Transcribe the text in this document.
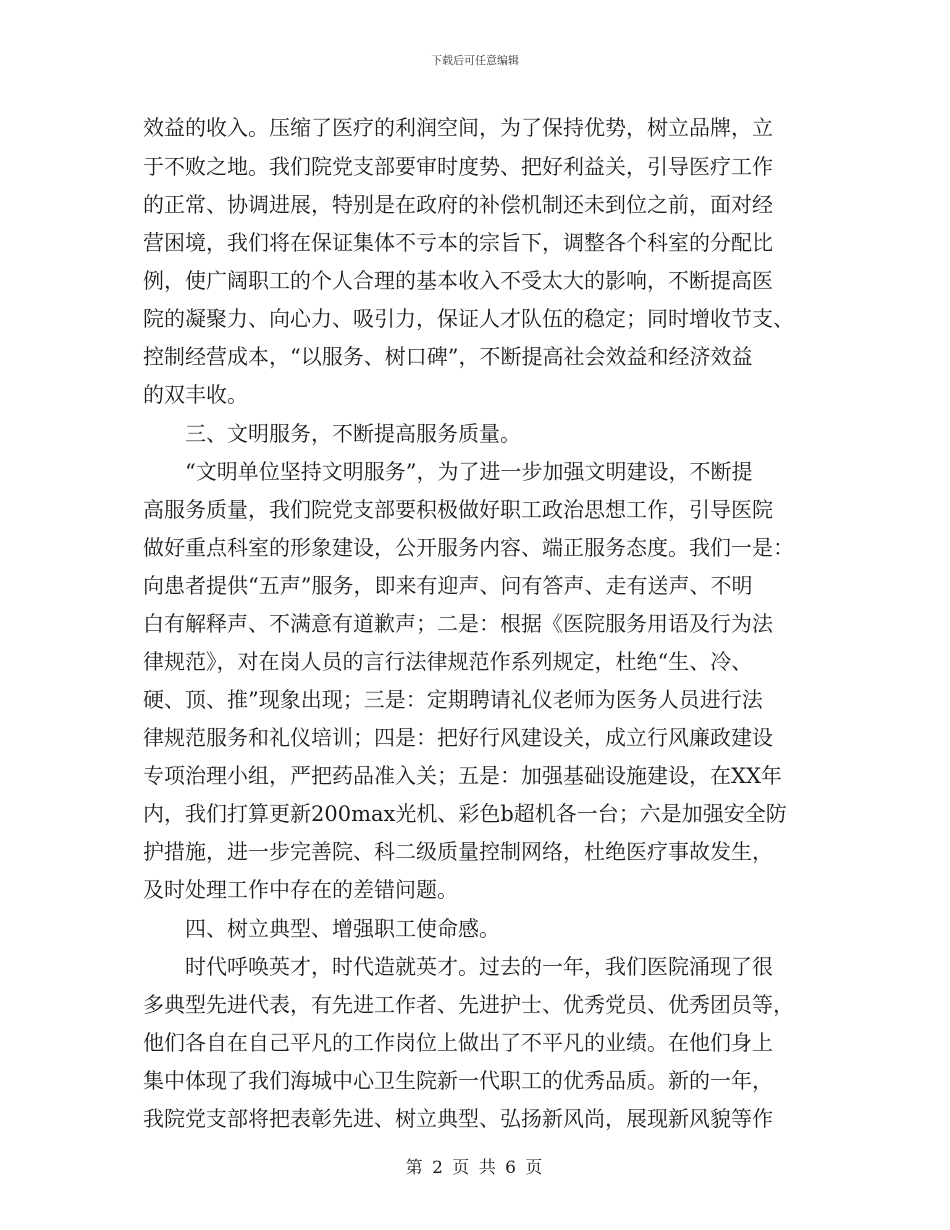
下载后可任意编辑
效益的收入。压缩了医疗的利润空间，为了保持优势，树立品牌，立
于不败之地。我们院党支部要审时度势、把好利益关，引导医疗工作
的正常、协调进展，特别是在政府的补偿机制还未到位之前，面对经
营困境，我们将在保证集体不亏本的宗旨下，调整各个科室的分配比
例，使广阔职工的个人合理的基本收入不受太大的影响，不断提高医
院的凝聚力、向心力、吸引力，保证人才队伍的稳定；同时增收节支、
控制经营成本，“以服务、树口碑”，不断提高社会效益和经济效益
的双丰收。
三、文明服务，不断提高服务质量。
“文明单位坚持文明服务”，为了进一步加强文明建设，不断提
高服务质量，我们院党支部要积极做好职工政治思想工作，引导医院
做好重点科室的形象建设，公开服务内容、端正服务态度。我们一是：
向患者提供“五声”服务，即来有迎声、问有答声、走有送声、不明
白有解释声、不满意有道歉声；二是：根据《医院服务用语及行为法
律规范》，对在岗人员的言行法律规范作系列规定，杜绝“生、冷、
硬、顶、推”现象出现；三是：定期聘请礼仪老师为医务人员进行法
律规范服务和礼仪培训；四是：把好行风建设关，成立行风廉政建设
专项治理小组，严把药品准入关；五是：加强基础设施建设，在XX年
内，我们打算更新200max光机、彩色b超机各一台；六是加强安全防
护措施，进一步完善院、科二级质量控制网络，杜绝医疗事故发生，
及时处理工作中存在的差错问题。
四、树立典型、增强职工使命感。
时代呼唤英才，时代造就英才。过去的一年，我们医院涌现了很
多典型先进代表，有先进工作者、先进护士、优秀党员、优秀团员等，
他们各自在自己平凡的工作岗位上做出了不平凡的业绩。在他们身上
集中体现了我们海城中心卫生院新一代职工的优秀品质。新的一年，
我院党支部将把表彰先进、树立典型、弘扬新风尚，展现新风貌等作
第 2 页 共 6 页
